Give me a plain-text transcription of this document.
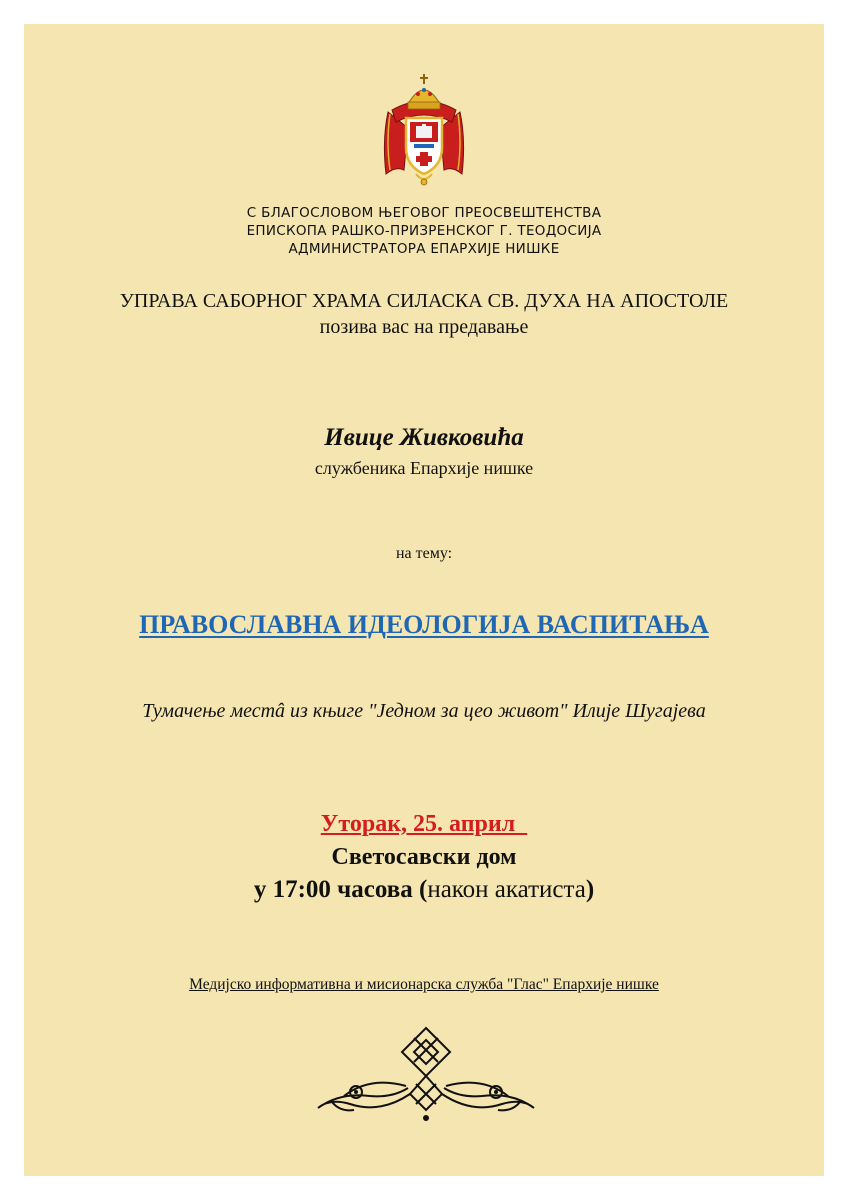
С БЛАГОСЛОВОМ ЊЕГОВОГ ПРЕОСВЕШТЕНСТВА
ЕПИСКОПА РАШКО-ПРИЗРЕНСКОГ Г. ТЕОДОСИЈА
АДМИНИСТРАТОРА ЕПАРХИЈЕ НИШКЕ
УПРАВА САБОРНОГ ХРАМА СИЛАСКА СВ. ДУХА НА АПОСТОЛЕ
позива вас на предавање
Ивице Живковића
службеника Епархије нишке
на тему:
ПРАВОСЛАВНА ИДЕОЛОГИЈА ВАСПИТАЊА
Тумачење местâ из књиге "Једном за цео живот" Илије Шугајева
Уторак, 25. април
Светосавски дом
у 17:00 часова (након акатиста)
Медијско информативна и мисионарска служба "Глас" Епархије нишке
